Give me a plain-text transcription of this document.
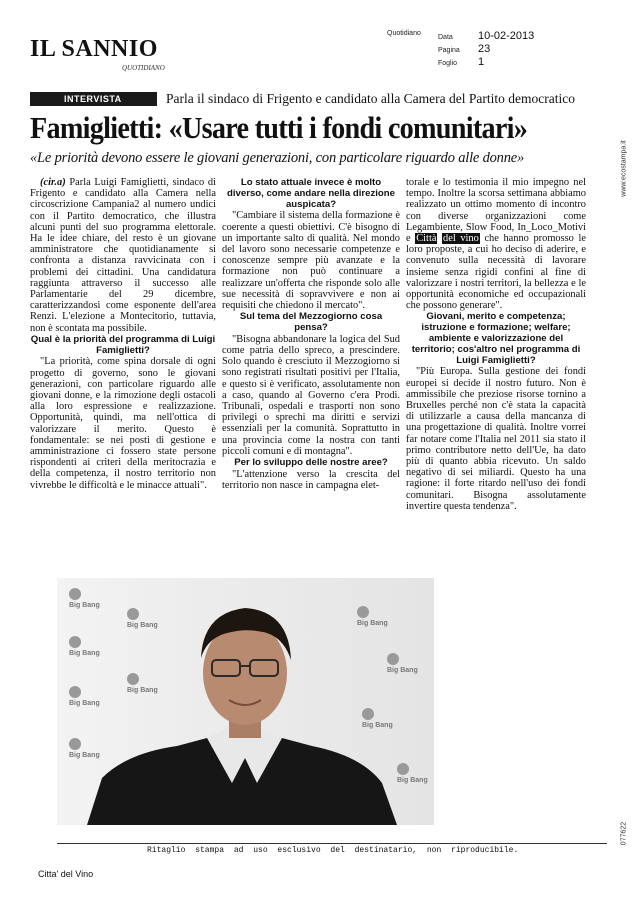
IL SANNIO
QUOTIDIANO
Quotidiano
Data	10-02-2013
Pagina	23
Foglio	1
www.ecostampa.it
077622
INTERVISTA	Parla il sindaco di Frigento e candidato alla Camera del Partito democratico
Famiglietti: «Usare tutti i fondi comunitari»
«Le priorità devono essere le giovani generazioni, con particolare riguardo alle donne»

(cir.a) Parla Luigi Famiglietti, sindaco di Frigento e candidato alla Camera nella circoscrizione Campania2 al numero undici con il Partito democratico, che illustra alcuni punti del suo programma elettorale. Ha le idee chiare, del resto è un giovane amministratore che quotidianamente si confronta a distanza ravvicinata con i problemi dei cittadini. Una candidatura raggiunta attraverso il successo alle Parlamentarie del 29 dicembre, caratterizzandosi come esponente dell'area Renzi. L'elezione a Montecitorio, tuttavia, non è scontata ma possibile.

Qual è la priorità del programma di Luigi Famiglietti?

"La priorità, come spina dorsale di ogni progetto di governo, sono le giovani generazioni, con particolare riguardo alle giovani donne, e la rimozione degli ostacoli alla loro espressione e realizzazione. Opportunità, quindi, ma nell'ottica di valorizzare il merito. Questo è fondamentale: se nei posti di gestione e amministrazione ci fossero state persone rispondenti ai criteri della meritocrazia e della competenza, il nostro territorio non vivrebbe le difficoltà e le minacce attuali".

Lo stato attuale invece è molto diverso, come andare nella direzione auspicata?

"Cambiare il sistema della formazione è coerente a questi obiettivi. C'è bisogno di un importante salto di qualità. Nel mondo del lavoro sono necessarie competenze e conoscenze sempre più avanzate e la formazione non può continuare a realizzare un'offerta che risponde solo alle sue necessità di sopravvivere e non ai requisiti che chiedono il mercato".

Sul tema del Mezzogiorno cosa pensa?

"Bisogna abbandonare la logica del Sud come patria dello spreco, a prescindere. Solo quando è cresciuto il Mezzogiorno si sono registrati risultati positivi per l'Italia, e questo si è verificato, assolutamente non a caso, quando al Governo c'era Prodi. Tribunali, ospedali e trasporti non sono privilegi o sprechi ma diritti e servizi essenziali per la comunità. Soprattutto in una provincia come la nostra con tanti piccoli comuni e di montagna".

Per lo sviluppo delle nostre aree?

"L'attenzione verso la crescita del territorio non nasce in campagna elet-

torale e lo testimonia il mio impegno nel tempo. Inoltre la scorsa settimana abbiamo realizzato un ottimo momento di incontro con diverse organizzazioni come Legambiente, Slow Food, In_Loco_Motivi e Città del vino che hanno promosso le loro proposte, a cui ho deciso di aderire, e convenuto sulla necessità di lavorare insieme senza rigidi confini al fine di valorizzare i nostri territori, la bellezza e le opportunità economiche ed occupazionali che possono generare".

Giovani, merito e competenza; istruzione e formazione; welfare; ambiente e valorizzazione del territorio; cos'altro nel programma di Luigi Famiglietti?

"Più Europa. Sulla gestione dei fondi europei si decide il nostro futuro. Non è ammissibile che preziose risorse tornino a Bruxelles perché non c'è stata la capacità di utilizzarle a causa della mancanza di una progettazione di qualità. Inoltre vorrei far notare come l'Italia nel 2011 sia stato il primo contributore netto dell'Ue, ha dato più di quanto abbia ricevuto. Un saldo negativo di sei miliardi. Questo ha una ragione: il forte ritardo nell'uso dei fondi comunitari. Bisogna assolutamente invertire questa tendenza".

Big Bang
Big Bang
Big Bang
Big Bang
Big Bang
Big Bang
Big Bang
Big Bang
Big Bang
Big Bang
Ritaglio stampa ad uso esclusivo del destinatario, non riproducibile.
Citta' del Vino
